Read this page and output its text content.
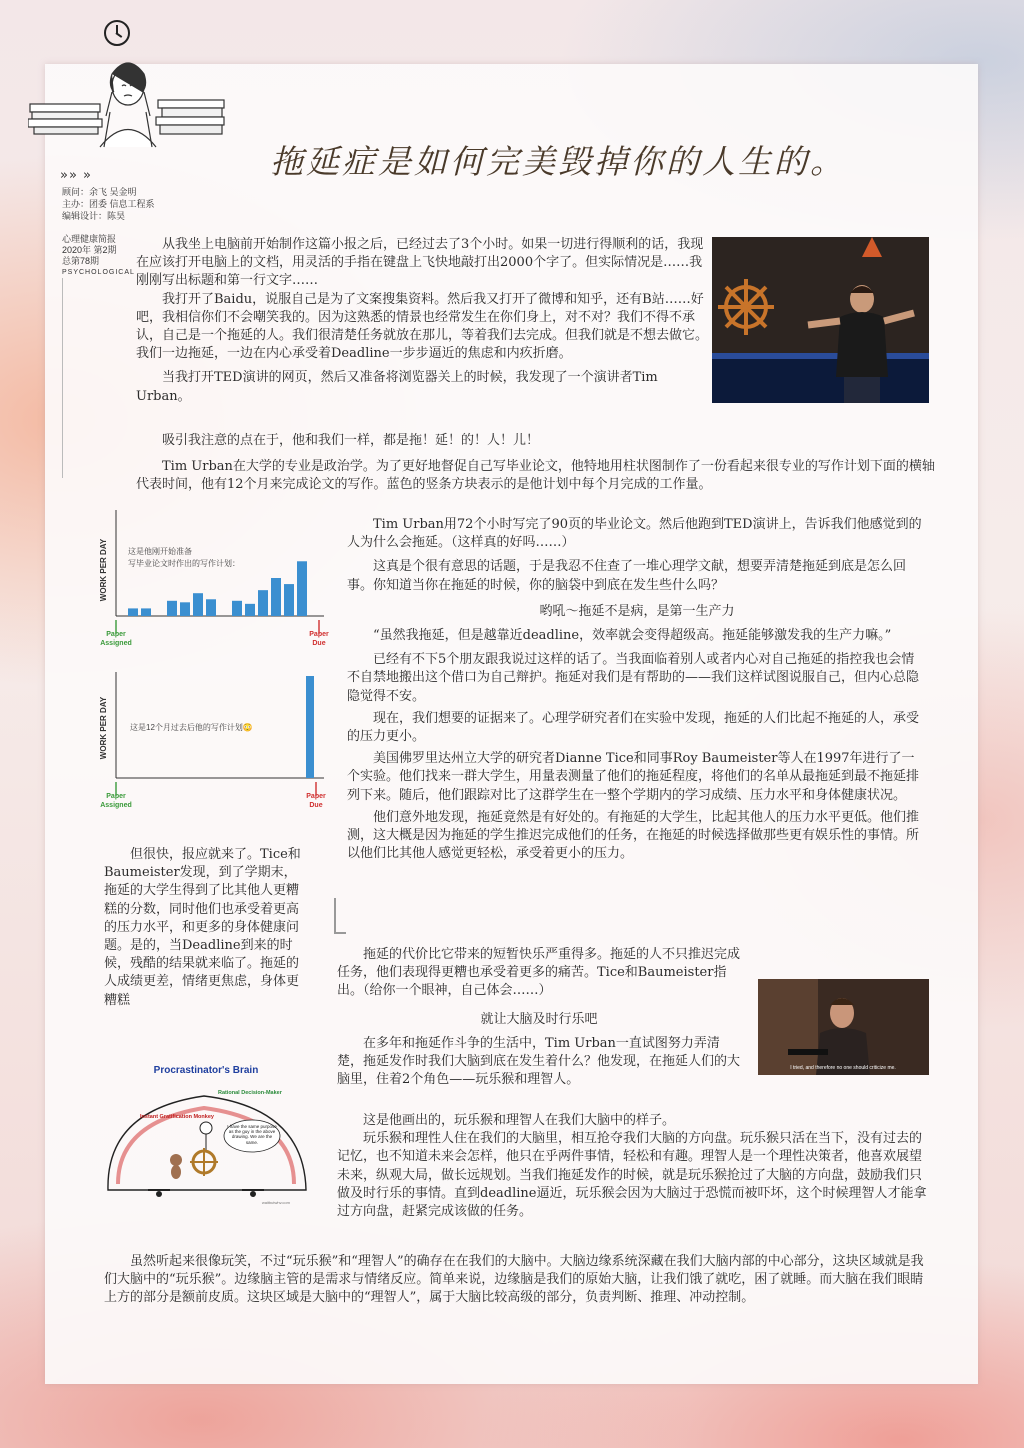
拖延症是如何完美毁掉你的人生的。
»» »
顾问：余飞 吴金明
主办：团委 信息工程系
编辑设计：陈昊
心理健康简报
2020年 第2期
总第78期
PSYCHOLOGICAL

从我坐上电脑前开始制作这篇小报之后，已经过去了3个小时。如果一切进行得顺利的话，我现在应该打开电脑上的文档，用灵活的手指在键盘上飞快地敲打出2000个字了。但实际情况是……我刚刚写出标题和第一行文字……

我打开了Baidu，说服自己是为了文案搜集资料。然后我又打开了微博和知乎，还有B站……好吧，我相信你们不会嘲笑我的。因为这熟悉的情景也经常发生在你们身上，对不对？我们不得不承认，自己是一个拖延的人。我们很清楚任务就放在那儿，等着我们去完成。但我们就是不想去做它。我们一边拖延，一边在内心承受着Deadline一步步逼近的焦虑和内疚折磨。

当我打开TED演讲的网页，然后又准备将浏览器关上的时候，我发现了一个演讲者Tim Urban。

吸引我注意的点在于，他和我们一样，都是拖！延！的！人！儿！

Tim Urban在大学的专业是政治学。为了更好地督促自己写毕业论文，他特地用柱状图制作了一份看起来很专业的写作计划下面的横轴代表时间，他有12个月来完成论文的写作。蓝色的竖条方块表示的是他计划中每个月完成的工作量。

WORK PER DAY	这是他刚开始准备 写毕业论文时作出的写作计划：
Paper
Assigned
Paper
Due
WORK PER DAY	这是12个月过去后他的写作计划😳
Paper
Assigned
Paper
Due

Tim Urban用72个小时写完了90页的毕业论文。然后他跑到TED演讲上，告诉我们他感觉到的人为什么会拖延。（这样真的好吗……）

这真是个很有意思的话题，于是我忍不住查了一堆心理学文献，想要弄清楚拖延到底是怎么回事。你知道当你在拖延的时候，你的脑袋中到底在发生些什么吗？

哟吼～拖延不是病，是第一生产力

“虽然我拖延，但是越靠近deadline，效率就会变得超级高。拖延能够激发我的生产力嘛。”

已经有不下5个朋友跟我说过这样的话了。当我面临着别人或者内心对自己拖延的指控我也会情不自禁地搬出这个借口为自己辩护。拖延对我们是有帮助的——我们这样试图说服自己，但内心总隐隐觉得不安。

现在，我们想要的证据来了。心理学研究者们在实验中发现，拖延的人们比起不拖延的人，承受的压力更小。

美国佛罗里达州立大学的研究者Dianne Tice和同事Roy Baumeister等人在1997年进行了一个实验。他们找来一群大学生，用量表测量了他们的拖延程度，将他们的名单从最拖延到最不拖延排列下来。随后，他们跟踪对比了这群学生在一整个学期内的学习成绩、压力水平和身体健康状况。

他们意外地发现，拖延竟然是有好处的。有拖延的大学生，比起其他人的压力水平更低。他们推测，这大概是因为拖延的学生推迟完成他们的任务，在拖延的时候选择做那些更有娱乐性的事情。所以他们比其他人感觉更轻松，承受着更小的压力。

但很快，报应就来了。Tice和Baumeister发现，到了学期末，拖延的大学生得到了比其他人更糟糕的分数，同时他们也承受着更高的压力水平，和更多的身体健康问题。是的，当Deadline到来的时候，残酷的结果就来临了。拖延的人成绩更差，情绪更焦虑，身体更糟糕

拖延的代价比它带来的短暂快乐严重得多。拖延的人不只推迟完成任务，他们表现得更糟也承受着更多的痛苦。Tice和Baumeister指出。（给你一个眼神，自己体会……）

就让大脑及时行乐吧

在多年和拖延作斗争的生活中，Tim Urban一直试图努力弄清楚，拖延发作时我们大脑到底在发生着什么？他发现，在拖延人们的大脑里，住着2个角色——玩乐猴和理智人。

I tried, and therefore no one should criticize me.
Procrastinator's Brain
Rational Decision-Maker
Instant Gratification Monkey
I have the same purpose as the guy in the above drawing. We are the same.
waitbutwhy.com

这是他画出的，玩乐猴和理智人在我们大脑中的样子。

玩乐猴和理性人住在我们的大脑里，相互抢夺我们大脑的方向盘。玩乐猴只活在当下，没有过去的记忆，也不知道未来会怎样，他只在乎两件事情，轻松和有趣。理智人是一个理性决策者，他喜欢展望未来，纵观大局，做长远规划。当我们拖延发作的时候，就是玩乐猴抢过了大脑的方向盘，鼓励我们只做及时行乐的事情。直到deadline逼近，玩乐猴会因为大脑过于恐慌而被吓坏，这个时候理智人才能拿过方向盘，赶紧完成该做的任务。

虽然听起来很像玩笑，不过“玩乐猴”和“理智人”的确存在在我们的大脑中。大脑边缘系统深藏在我们大脑内部的中心部分，这块区域就是我们大脑中的“玩乐猴”。边缘脑主管的是需求与情绪反应。简单来说，边缘脑是我们的原始大脑，让我们饿了就吃，困了就睡。而大脑在我们眼睛上方的部分是额前皮质。这块区域是大脑中的“理智人”，属于大脑比较高级的部分，负责判断、推理、冲动控制。
